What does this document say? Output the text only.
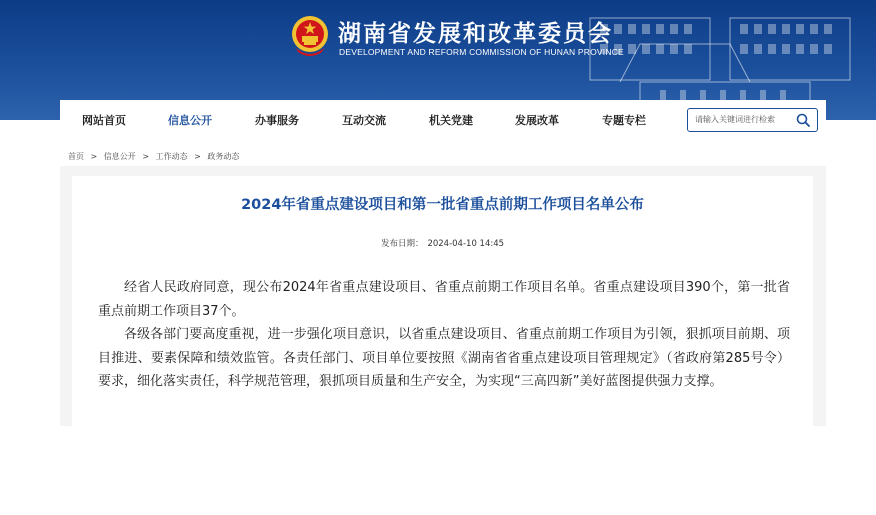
湖南省发展和改革委员会
DEVELOPMENT AND REFORM COMMISSION OF HUNAN PROVINCE
网站首页	信息公开	办事服务	互动交流	机关党建	发展改革	专题专栏	请输入关键词进行检索
首页 > 信息公开 > 工作动态 > 政务动态
2024年省重点建设项目和第一批省重点前期工作项目名单公布
发布日期： 2024-04-10 14:45

经省人民政府同意，现公布2024年省重点建设项目、省重点前期工作项目名单。省重点建设项目390个，第一批省重点前期工作项目37个。

各级各部门要高度重视，进一步强化项目意识，以省重点建设项目、省重点前期工作项目为引领，狠抓项目前期、项目推进、要素保障和绩效监管。各责任部门、项目单位要按照《湖南省省重点建设项目管理规定》（省政府第285号令）要求，细化落实责任，科学规范管理，狠抓项目质量和生产安全，为实现“三高四新”美好蓝图提供强力支撑。
